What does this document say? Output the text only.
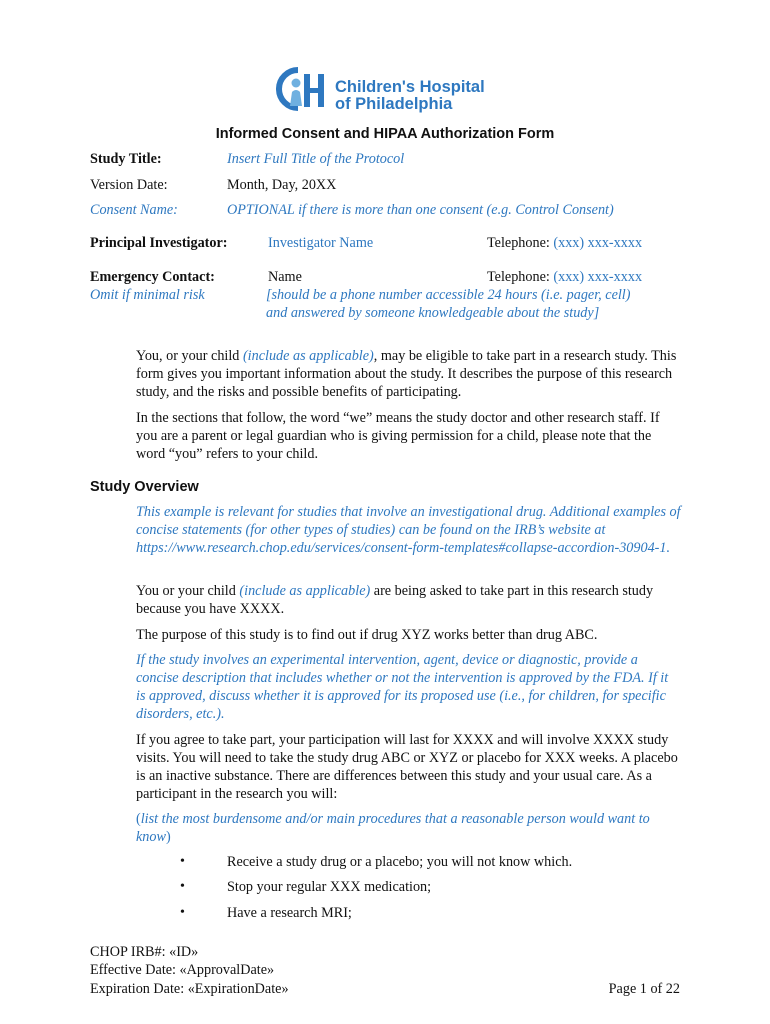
Children's Hospital
of Philadelphia
Informed Consent and HIPAA Authorization Form
Study Title:	Insert Full Title of the Protocol
Version Date:	Month, Day, 20XX
Consent Name:	OPTIONAL if there is more than one consent (e.g. Control Consent)
Principal Investigator:	Investigator Name	Telephone: (xxx) xxx-xxxx
Emergency Contact:	Name	Telephone: (xxx) xxx-xxxx
Omit if minimal risk	[should be a phone number accessible 24 hours (i.e. pager, cell)
and answered by someone knowledgeable about the study]
You, or your child (include as applicable), may be eligible to take part in a research study. This form gives you important information about the study. It describes the purpose of this research study, and the risks and possible benefits of participating.
In the sections that follow, the word “we” means the study doctor and other research staff. If you are a parent or legal guardian who is giving permission for a child, please note that the word “you” refers to your child.
Study Overview
This example is relevant for studies that involve an investigational drug. Additional examples of concise statements (for other types of studies) can be found on the IRB’s website at https://www.research.chop.edu/services/consent-form-templates#collapse-accordion-30904-1.
You or your child (include as applicable) are being asked to take part in this research study because you have XXXX.
The purpose of this study is to find out if drug XYZ works better than drug ABC.
If the study involves an experimental intervention, agent, device or diagnostic, provide a concise description that includes whether or not the intervention is approved by the FDA. If it is approved, discuss whether it is approved for its proposed use (i.e., for children, for specific disorders, etc.).
If you agree to take part, your participation will last for XXXX and will involve XXXX study visits. You will need to take the study drug ABC or XYZ or placebo for XXX weeks. A placebo is an inactive substance. There are differences between this study and your usual care. As a participant in the research you will:
(list the most burdensome and/or main procedures that a reasonable person would want to know)
•	Receive a study drug or a placebo; you will not know which.
•	Stop your regular XXX medication;
•	Have a research MRI;
CHOP IRB#: «ID»
Effective Date: «ApprovalDate»
Expiration Date: «ExpirationDate»	Page 1 of 22
